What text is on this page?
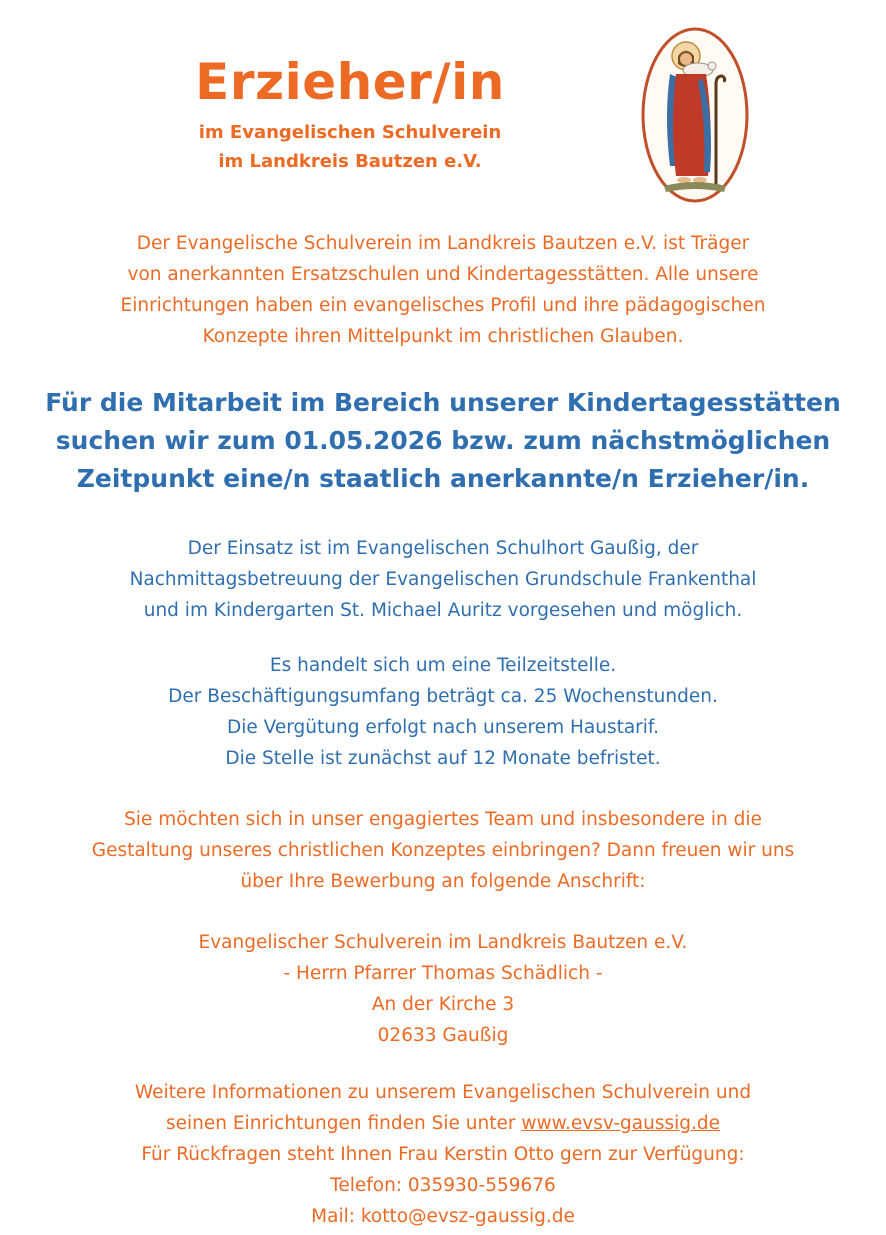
Erzieher/in
im Evangelischen Schulverein
im Landkreis Bautzen e.V.
Der Evangelische Schulverein im Landkreis Bautzen e.V. ist Träger
von anerkannten Ersatzschulen und Kindertagesstätten. Alle unsere
Einrichtungen haben ein evangelisches Profil und ihre pädagogischen
Konzepte ihren Mittelpunkt im christlichen Glauben.
Für die Mitarbeit im Bereich unserer Kindertagesstätten
suchen wir zum 01.05.2026 bzw. zum nächstmöglichen
Zeitpunkt eine/n staatlich anerkannte/n Erzieher/in.
Der Einsatz ist im Evangelischen Schulhort Gaußig, der
Nachmittagsbetreuung der Evangelischen Grundschule Frankenthal
und im Kindergarten St. Michael Auritz vorgesehen und möglich.
Es handelt sich um eine Teilzeitstelle.
Der Beschäftigungsumfang beträgt ca. 25 Wochenstunden.
Die Vergütung erfolgt nach unserem Haustarif.
Die Stelle ist zunächst auf 12 Monate befristet.
Sie möchten sich in unser engagiertes Team und insbesondere in die
Gestaltung unseres christlichen Konzeptes einbringen? Dann freuen wir uns
über Ihre Bewerbung an folgende Anschrift:
Evangelischer Schulverein im Landkreis Bautzen e.V.
- Herrn Pfarrer Thomas Schädlich -
An der Kirche 3
02633 Gaußig
Weitere Informationen zu unserem Evangelischen Schulverein und
seinen Einrichtungen finden Sie unter www.evsv-gaussig.de
Für Rückfragen steht Ihnen Frau Kerstin Otto gern zur Verfügung:
Telefon: 035930-559676
Mail: kotto@evsz-gaussig.de
